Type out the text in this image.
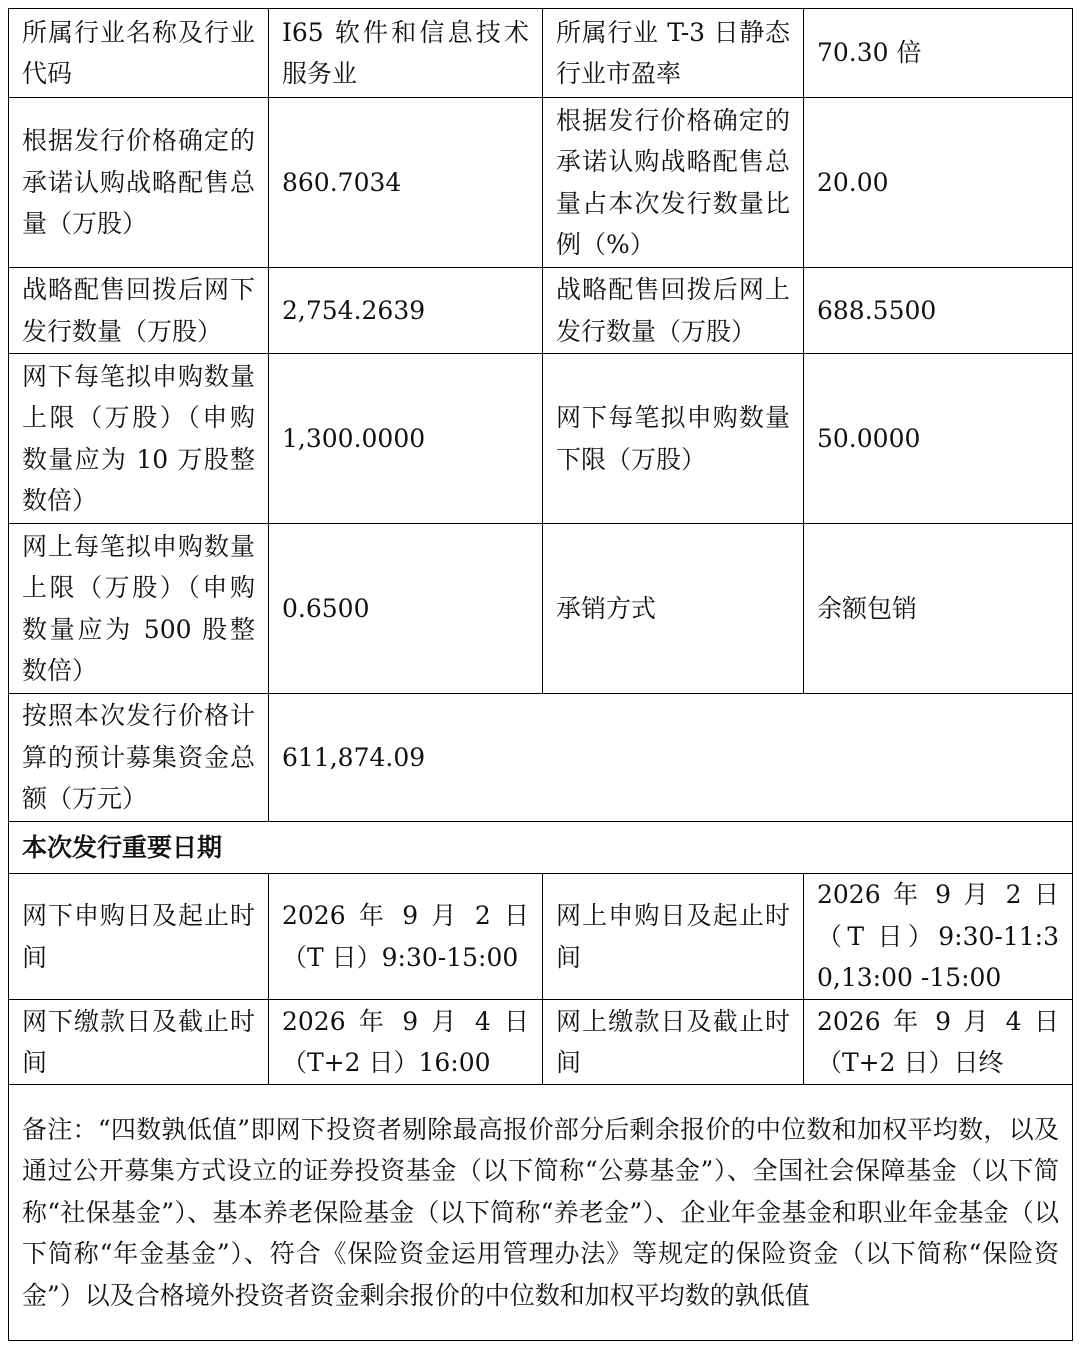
所属行业名称及行业代码	I65 软件和信息技术服务业	所属行业 T-3 日静态行业市盈率	70.30 倍
根据发行价格确定的承诺认购战略配售总量（万股）	860.7034	根据发行价格确定的承诺认购战略配售总量占本次发行数量比例（%）	20.00
战略配售回拨后网下发行数量（万股）	2,754.2639	战略配售回拨后网上发行数量（万股）	688.5500
网下每笔拟申购数量上限（万股）（申购数量应为 10 万股整数倍）	1,300.0000	网下每笔拟申购数量下限（万股）	50.0000
网上每笔拟申购数量上限（万股）（申购数量应为 500 股整数倍）	0.6500	承销方式	余额包销
按照本次发行价格计算的预计募集资金总额（万元）	611,874.09		
本次发行重要日期			
网下申购日及起止时间	2026 年 9 月 2 日（T 日）9:30-15:00	网上申购日及起止时间	2026 年 9 月 2 日（T 日）9:30-11:30,13:00 -15:00
网下缴款日及截止时间	2026 年 9 月 4 日（T+2 日）16:00	网上缴款日及截止时间	2026 年 9 月 4 日（T+2 日）日终
备注：“四数孰低值”即网下投资者剔除最高报价部分后剩余报价的中位数和加权平均数，以及通过公开募集方式设立的证券投资基金（以下简称“公募基金”）、全国社会保障基金（以下简称“社保基金”）、基本养老保险基金（以下简称“养老金”）、企业年金基金和职业年金基金（以下简称“年金基金”）、符合《保险资金运用管理办法》等规定的保险资金（以下简称“保险资金”）以及合格境外投资者资金剩余报价的中位数和加权平均数的孰低值			
